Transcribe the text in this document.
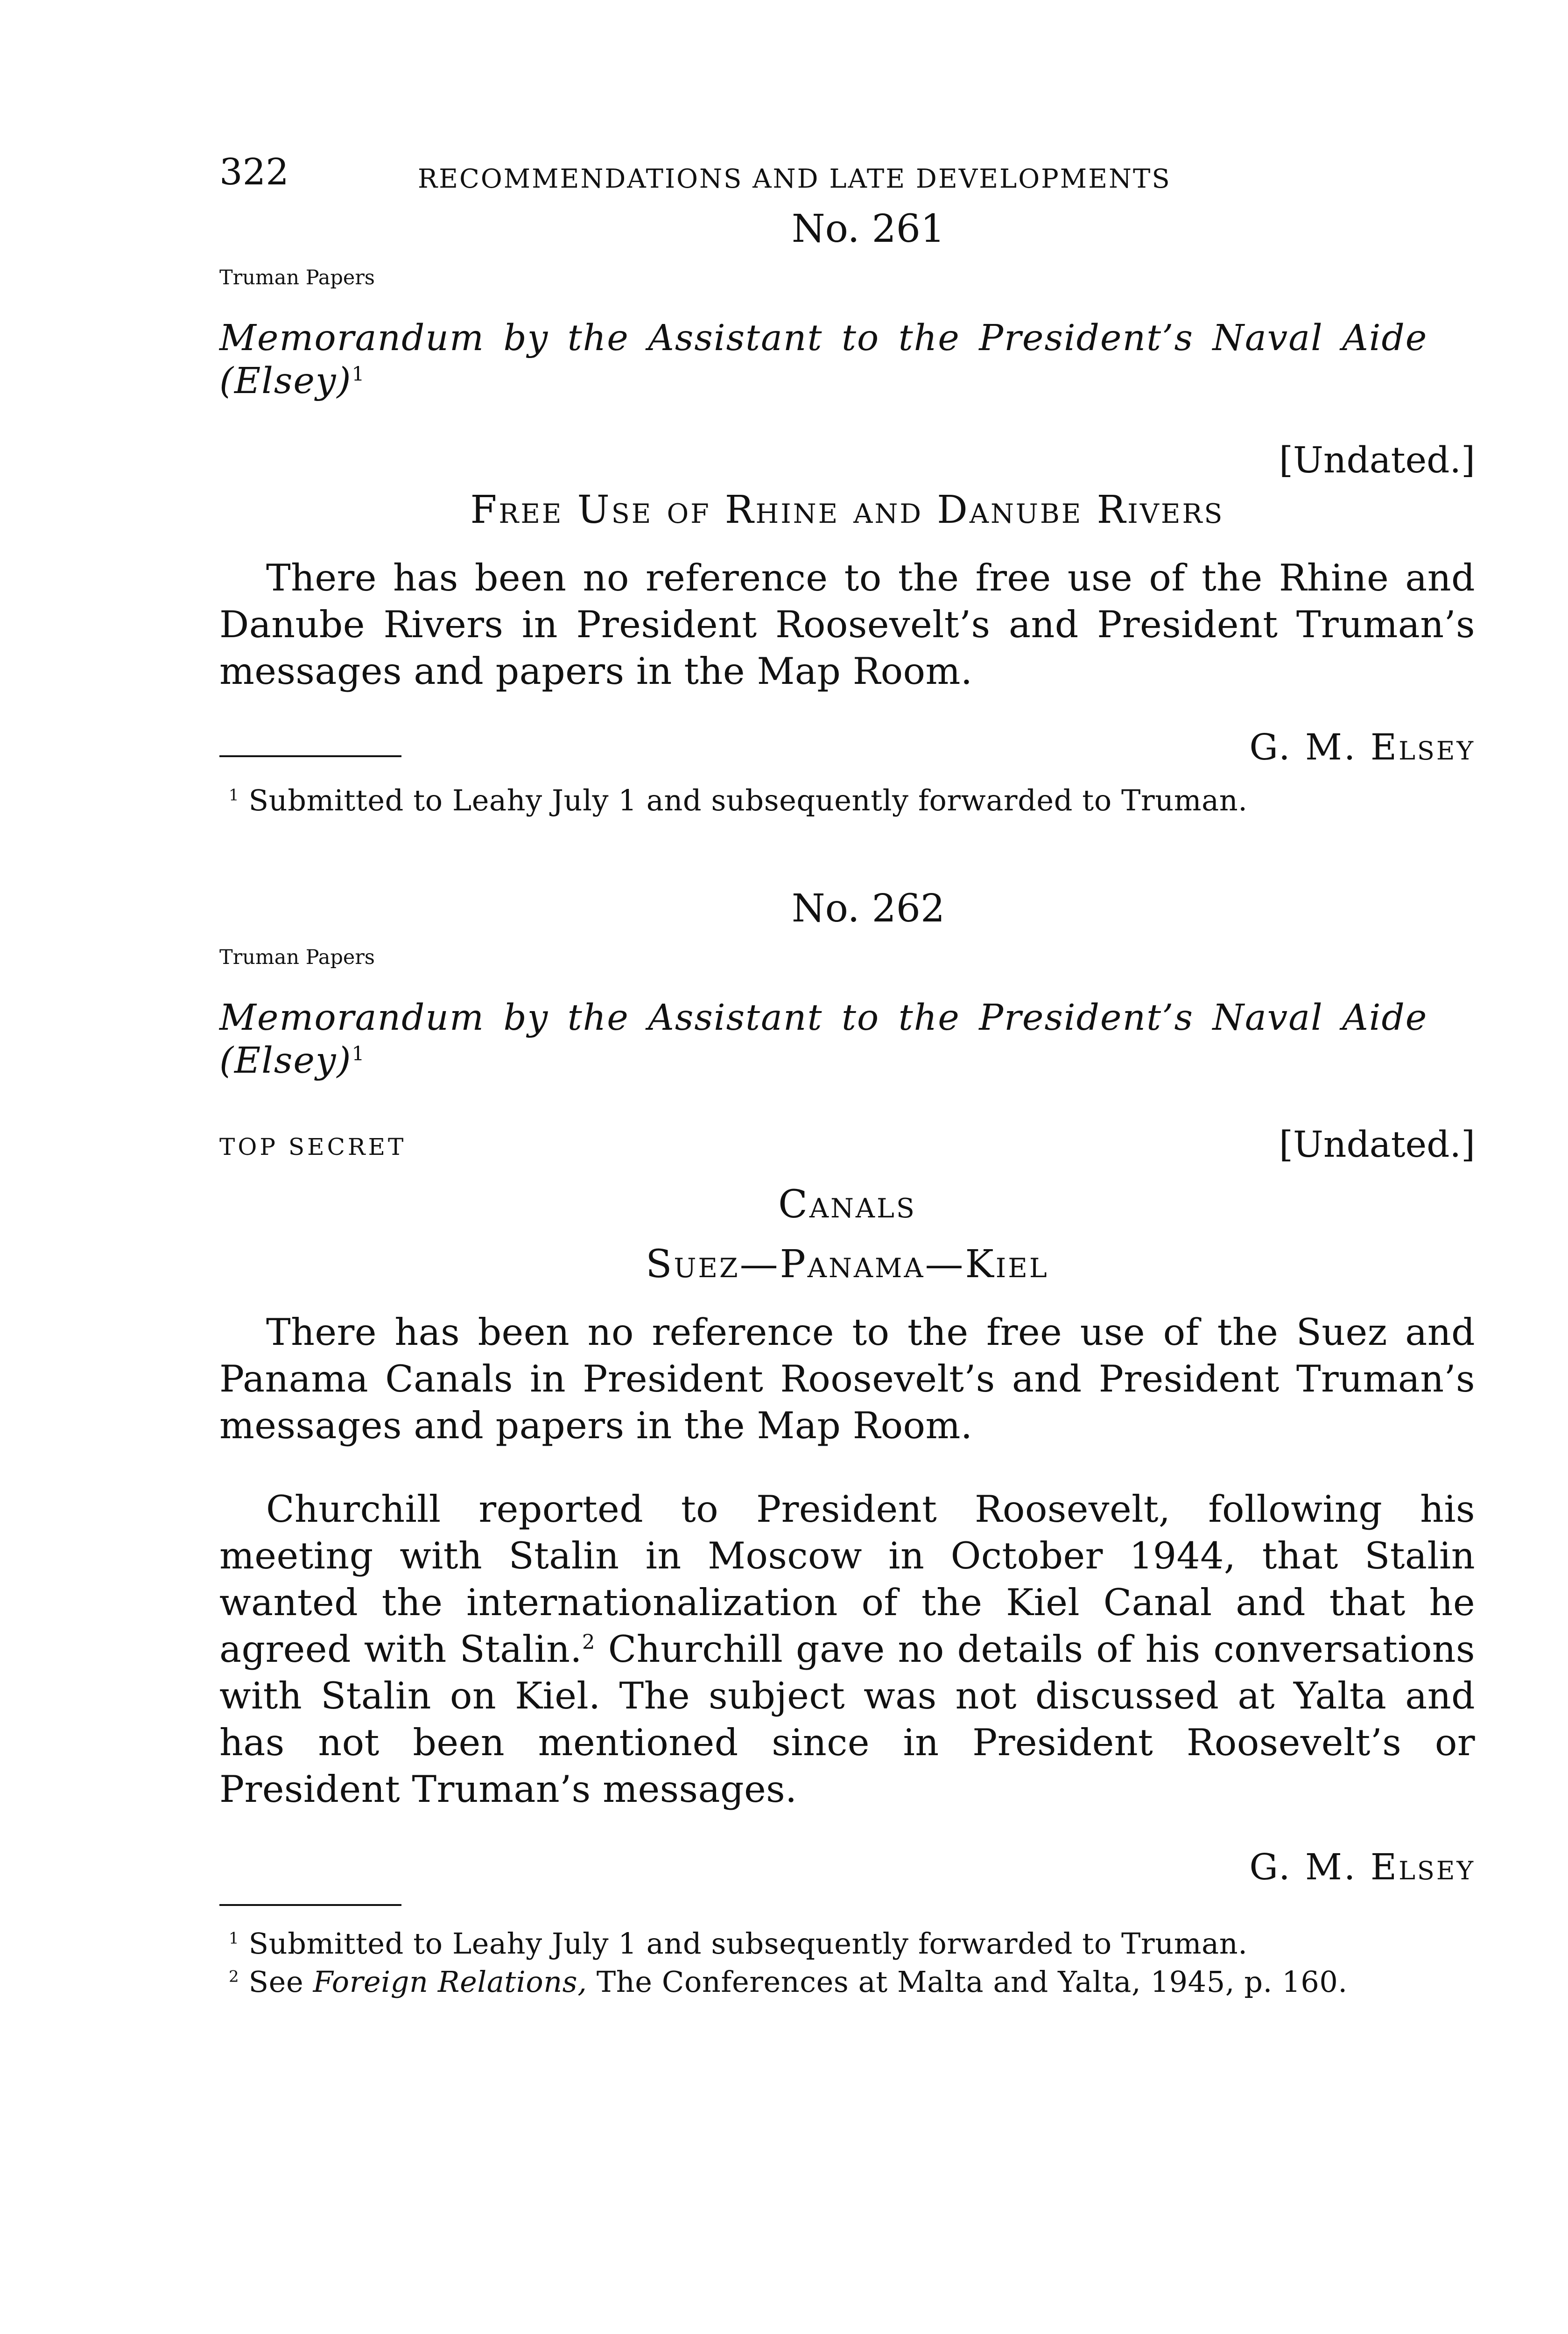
322	RECOMMENDATIONS AND LATE DEVELOPMENTS
No. 261
Truman Papers
Memorandum by the Assistant to the President’s Naval Aide (Elsey)$^1$
[Undated.]
Free Use of Rhine and Danube Rivers

There has been no reference to the free use of the Rhine and Danube Rivers in President Roosevelt’s and President Truman’s messages and papers in the Map Room.

G. M. Elsey
$^1$ Submitted to Leahy July 1 and subsequently forwarded to Truman.
No. 262
Truman Papers
Memorandum by the Assistant to the President’s Naval Aide (Elsey)$^1$
TOP SECRET	[Undated.]
Canals
Suez—Panama—Kiel

There has been no reference to the free use of the Suez and Panama Canals in President Roosevelt’s and President Truman’s messages and papers in the Map Room.

Churchill reported to President Roosevelt, following his meeting with Stalin in Moscow in October 1944, that Stalin wanted the internationalization of the Kiel Canal and that he agreed with Stalin.$^2$ Churchill gave no details of his conversations with Stalin on Kiel. The subject was not discussed at Yalta and has not been mentioned since in President Roosevelt’s or President Truman’s messages.

G. M. Elsey
$^1$ Submitted to Leahy July 1 and subsequently forwarded to Truman.
$^2$ See Foreign Relations, The Conferences at Malta and Yalta, 1945, p. 160.
